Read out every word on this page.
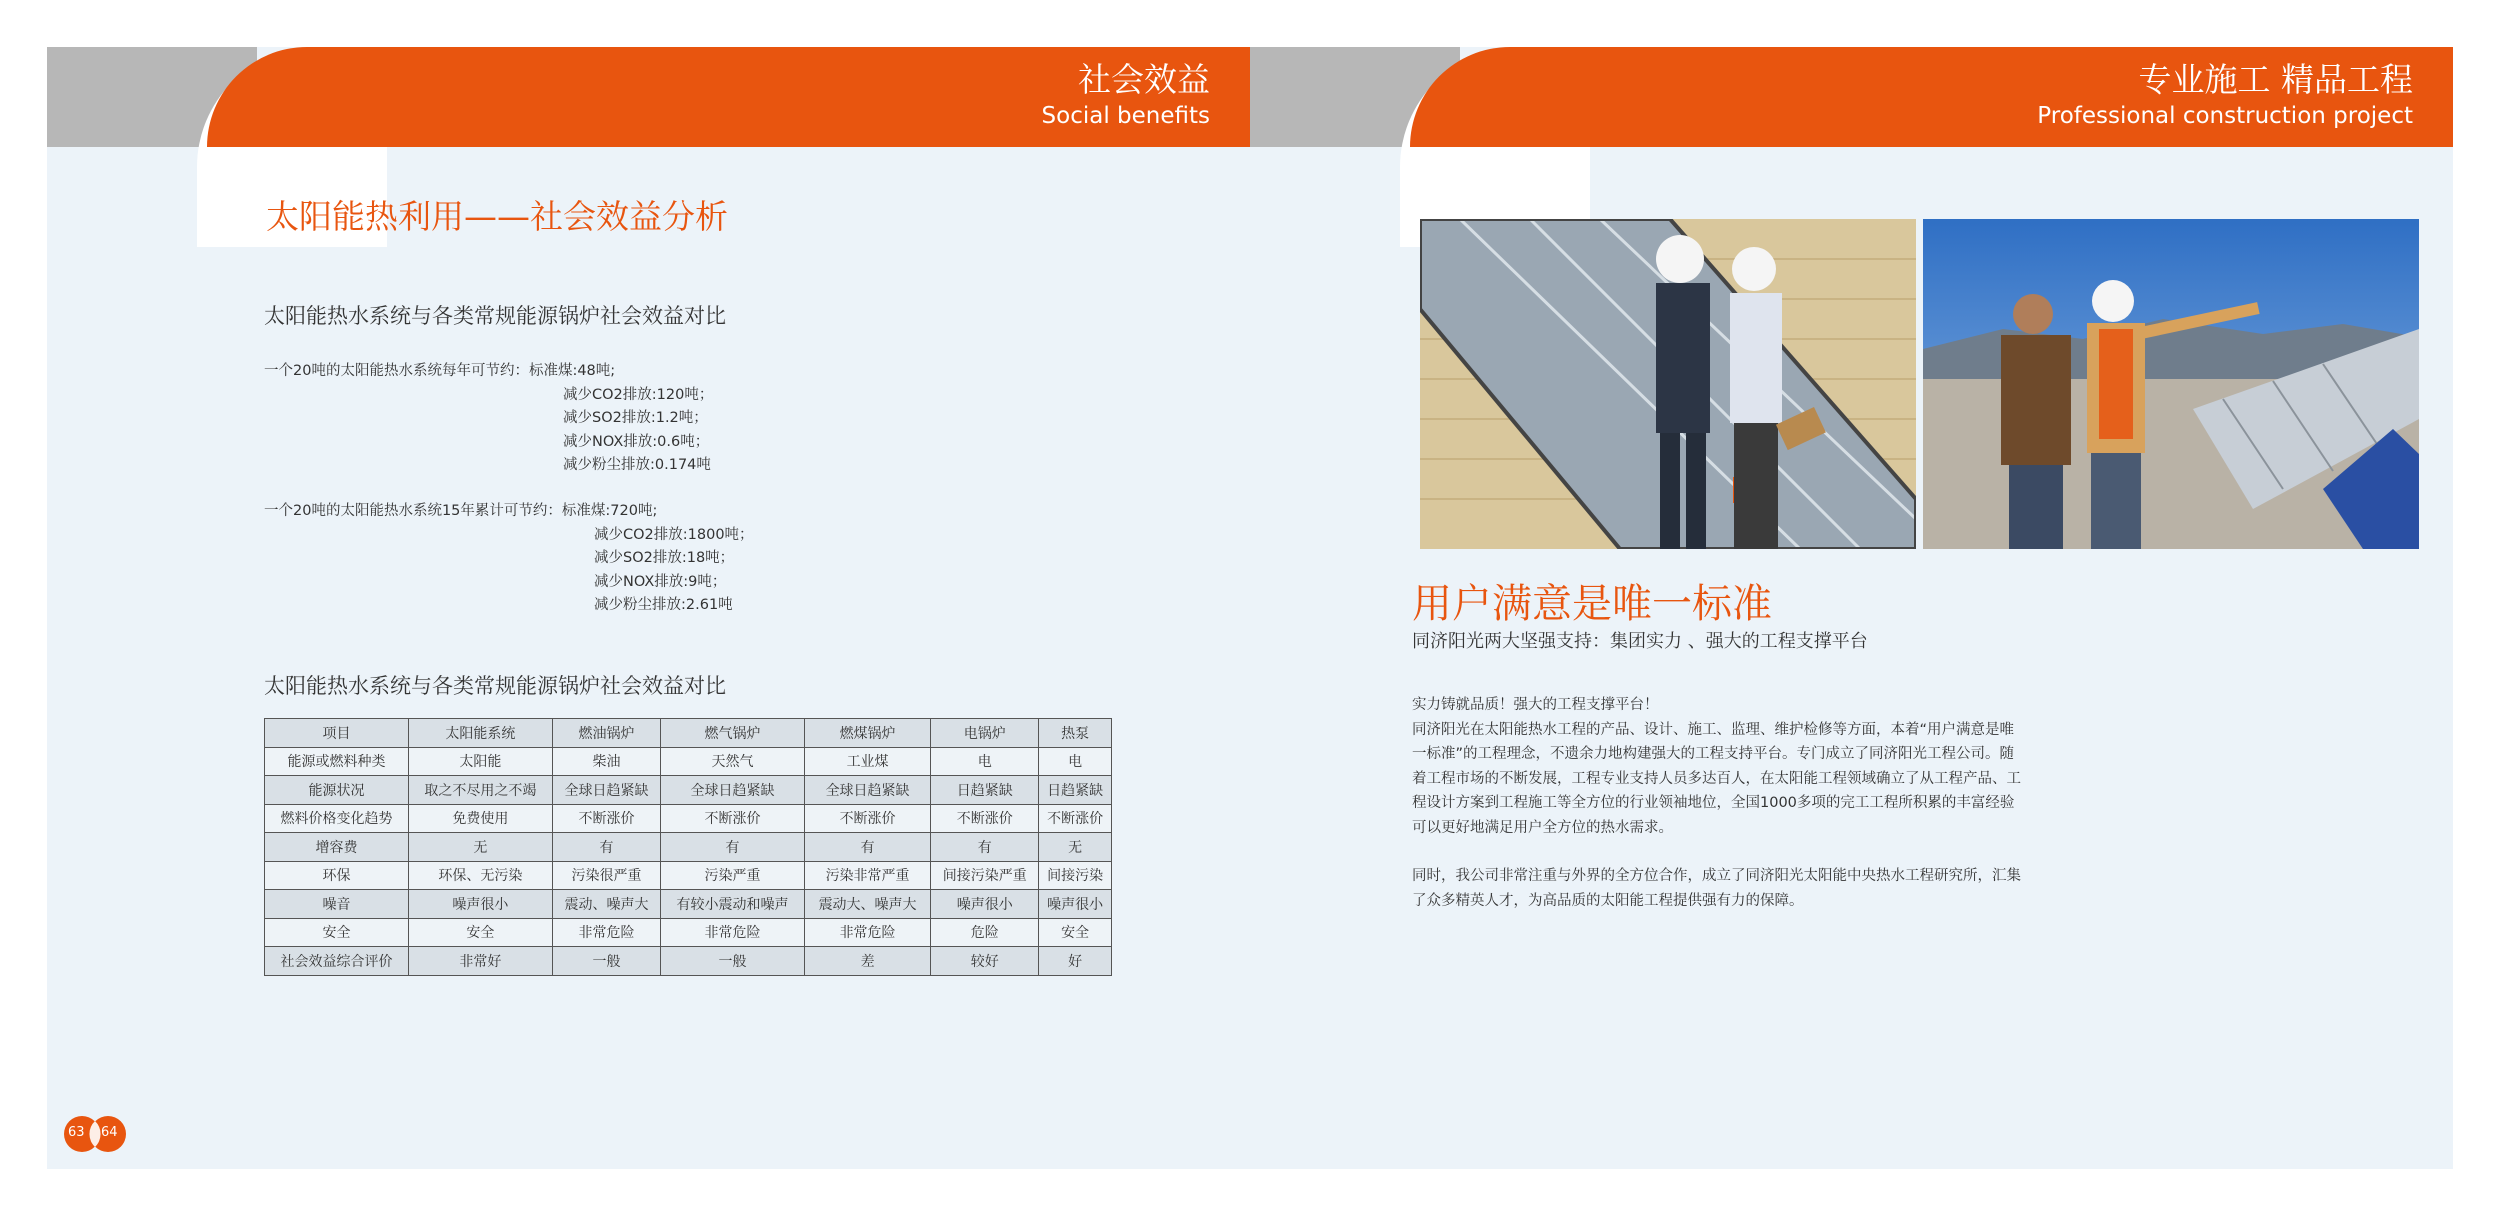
社会效益
Social benefits
专业施工 精品工程
Professional construction project
太阳能热利用——社会效益分析
太阳能热水系统与各类常规能源锅炉社会效益对比
一个20吨的太阳能热水系统每年可节约：标准煤:48吨;
减少CO2排放:120吨；
减少SO2排放:1.2吨；
减少NOX排放:0.6吨；
减少粉尘排放:0.174吨
一个20吨的太阳能热水系统15年累计可节约：标准煤:720吨;
减少CO2排放:1800吨；
减少SO2排放:18吨；
减少NOX排放:9吨；
减少粉尘排放:2.61吨
太阳能热水系统与各类常规能源锅炉社会效益对比
项目	太阳能系统	燃油锅炉	燃气锅炉	燃煤锅炉	电锅炉	热泵
能源或燃料种类	太阳能	柴油	天然气	工业煤	电	电
能源状况	取之不尽用之不竭	全球日趋紧缺	全球日趋紧缺	全球日趋紧缺	日趋紧缺	日趋紧缺
燃料价格变化趋势	免费使用	不断涨价	不断涨价	不断涨价	不断涨价	不断涨价
增容费	无	有	有	有	有	无
环保	环保、无污染	污染很严重	污染严重	污染非常严重	间接污染严重	间接污染
噪音	噪声很小	震动、噪声大	有较小震动和噪声	震动大、噪声大	噪声很小	噪声很小
安全	安全	非常危险	非常危险	非常危险	危险	安全
社会效益综合评价	非常好	一般	一般	差	较好	好
用户满意是唯一标准
同济阳光两大坚强支持：集团实力 、强大的工程支撑平台
实力铸就品质！强大的工程支撑平台！
同济阳光在太阳能热水工程的产品、设计、施工、监理、维护检修等方面，本着“用户满意是唯
一标准”的工程理念，不遗余力地构建强大的工程支持平台。专门成立了同济阳光工程公司。随
着工程市场的不断发展，工程专业支持人员多达百人，在太阳能工程领域确立了从工程产品、工
程设计方案到工程施工等全方位的行业领袖地位，全国1000多项的完工工程所积累的丰富经验
可以更好地满足用户全方位的热水需求。
同时，我公司非常注重与外界的全方位合作，成立了同济阳光太阳能中央热水工程研究所，汇集
了众多精英人才，为高品质的太阳能工程提供强有力的保障。
63 64
